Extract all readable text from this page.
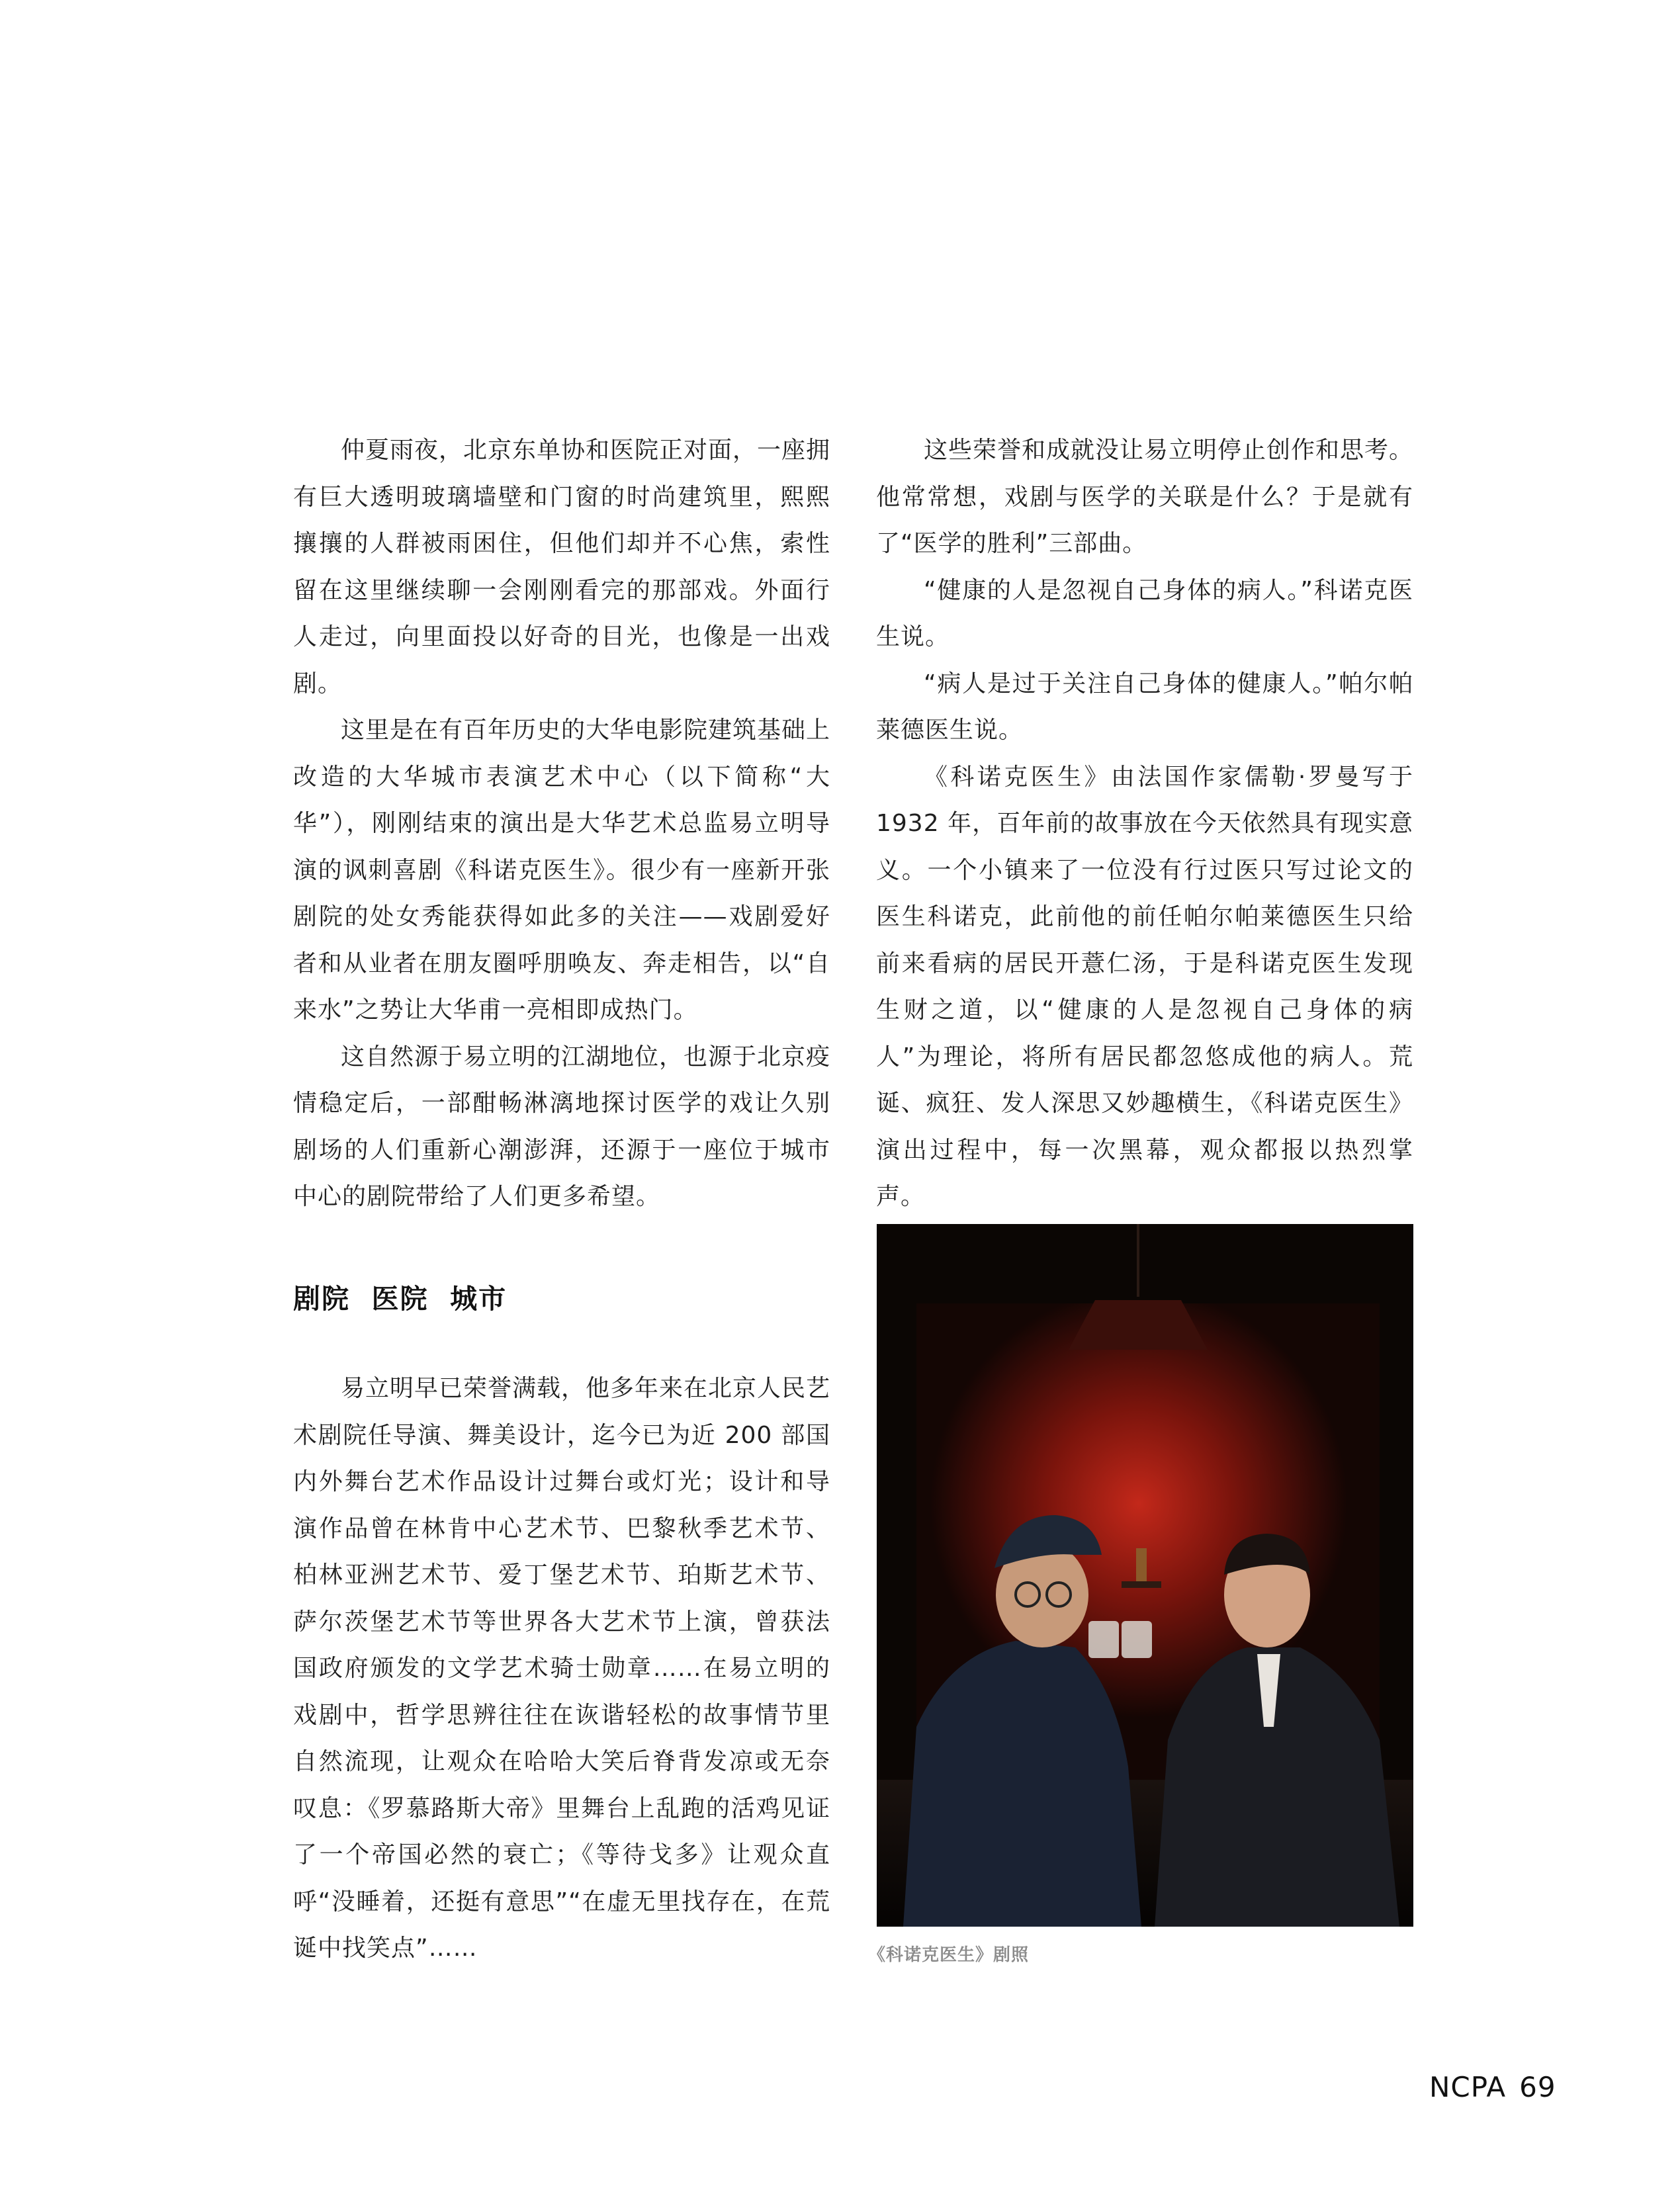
仲夏雨夜，北京东单协和医院正对面，一座拥有巨大透明玻璃墙壁和门窗的时尚建筑里，熙熙攘攘的人群被雨困住，但他们却并不心焦，索性留在这里继续聊一会刚刚看完的那部戏。外面行人走过，向里面投以好奇的目光，也像是一出戏剧。

这里是在有百年历史的大华电影院建筑基础上改造的大华城市表演艺术中心（以下简称“大华”），刚刚结束的演出是大华艺术总监易立明导演的讽刺喜剧《科诺克医生》。很少有一座新开张剧院的处女秀能获得如此多的关注——戏剧爱好者和从业者在朋友圈呼朋唤友、奔走相告，以“自来水”之势让大华甫一亮相即成热门。

这自然源于易立明的江湖地位，也源于北京疫情稳定后，一部酣畅淋漓地探讨医学的戏让久别剧场的人们重新心潮澎湃，还源于一座位于城市中心的剧院带给了人们更多希望。

剧院  医院  城市

易立明早已荣誉满载，他多年来在北京人民艺术剧院任导演、舞美设计，迄今已为近 200 部国内外舞台艺术作品设计过舞台或灯光；设计和导演作品曾在林肯中心艺术节、巴黎秋季艺术节、柏林亚洲艺术节、爱丁堡艺术节、珀斯艺术节、萨尔茨堡艺术节等世界各大艺术节上演，曾获法国政府颁发的文学艺术骑士勋章……在易立明的戏剧中，哲学思辨往往在诙谐轻松的故事情节里自然流现，让观众在哈哈大笑后脊背发凉或无奈叹息：《罗慕路斯大帝》里舞台上乱跑的活鸡见证了一个帝国必然的衰亡；《等待戈多》让观众直呼“没睡着，还挺有意思”“在虚无里找存在，在荒诞中找笑点”……

这些荣誉和成就没让易立明停止创作和思考。他常常想，戏剧与医学的关联是什么？于是就有了“医学的胜利”三部曲。

“健康的人是忽视自己身体的病人。”科诺克医生说。

“病人是过于关注自己身体的健康人。”帕尔帕莱德医生说。

《科诺克医生》由法国作家儒勒·罗曼写于 1932 年，百年前的故事放在今天依然具有现实意义。一个小镇来了一位没有行过医只写过论文的医生科诺克，此前他的前任帕尔帕莱德医生只给前来看病的居民开薏仁汤，于是科诺克医生发现生财之道，以“健康的人是忽视自己身体的病人”为理论，将所有居民都忽悠成他的病人。荒诞、疯狂、发人深思又妙趣横生，《科诺克医生》演出过程中，每一次黑幕，观众都报以热烈掌声。

《科诺克医生》剧照
NCPA 69
